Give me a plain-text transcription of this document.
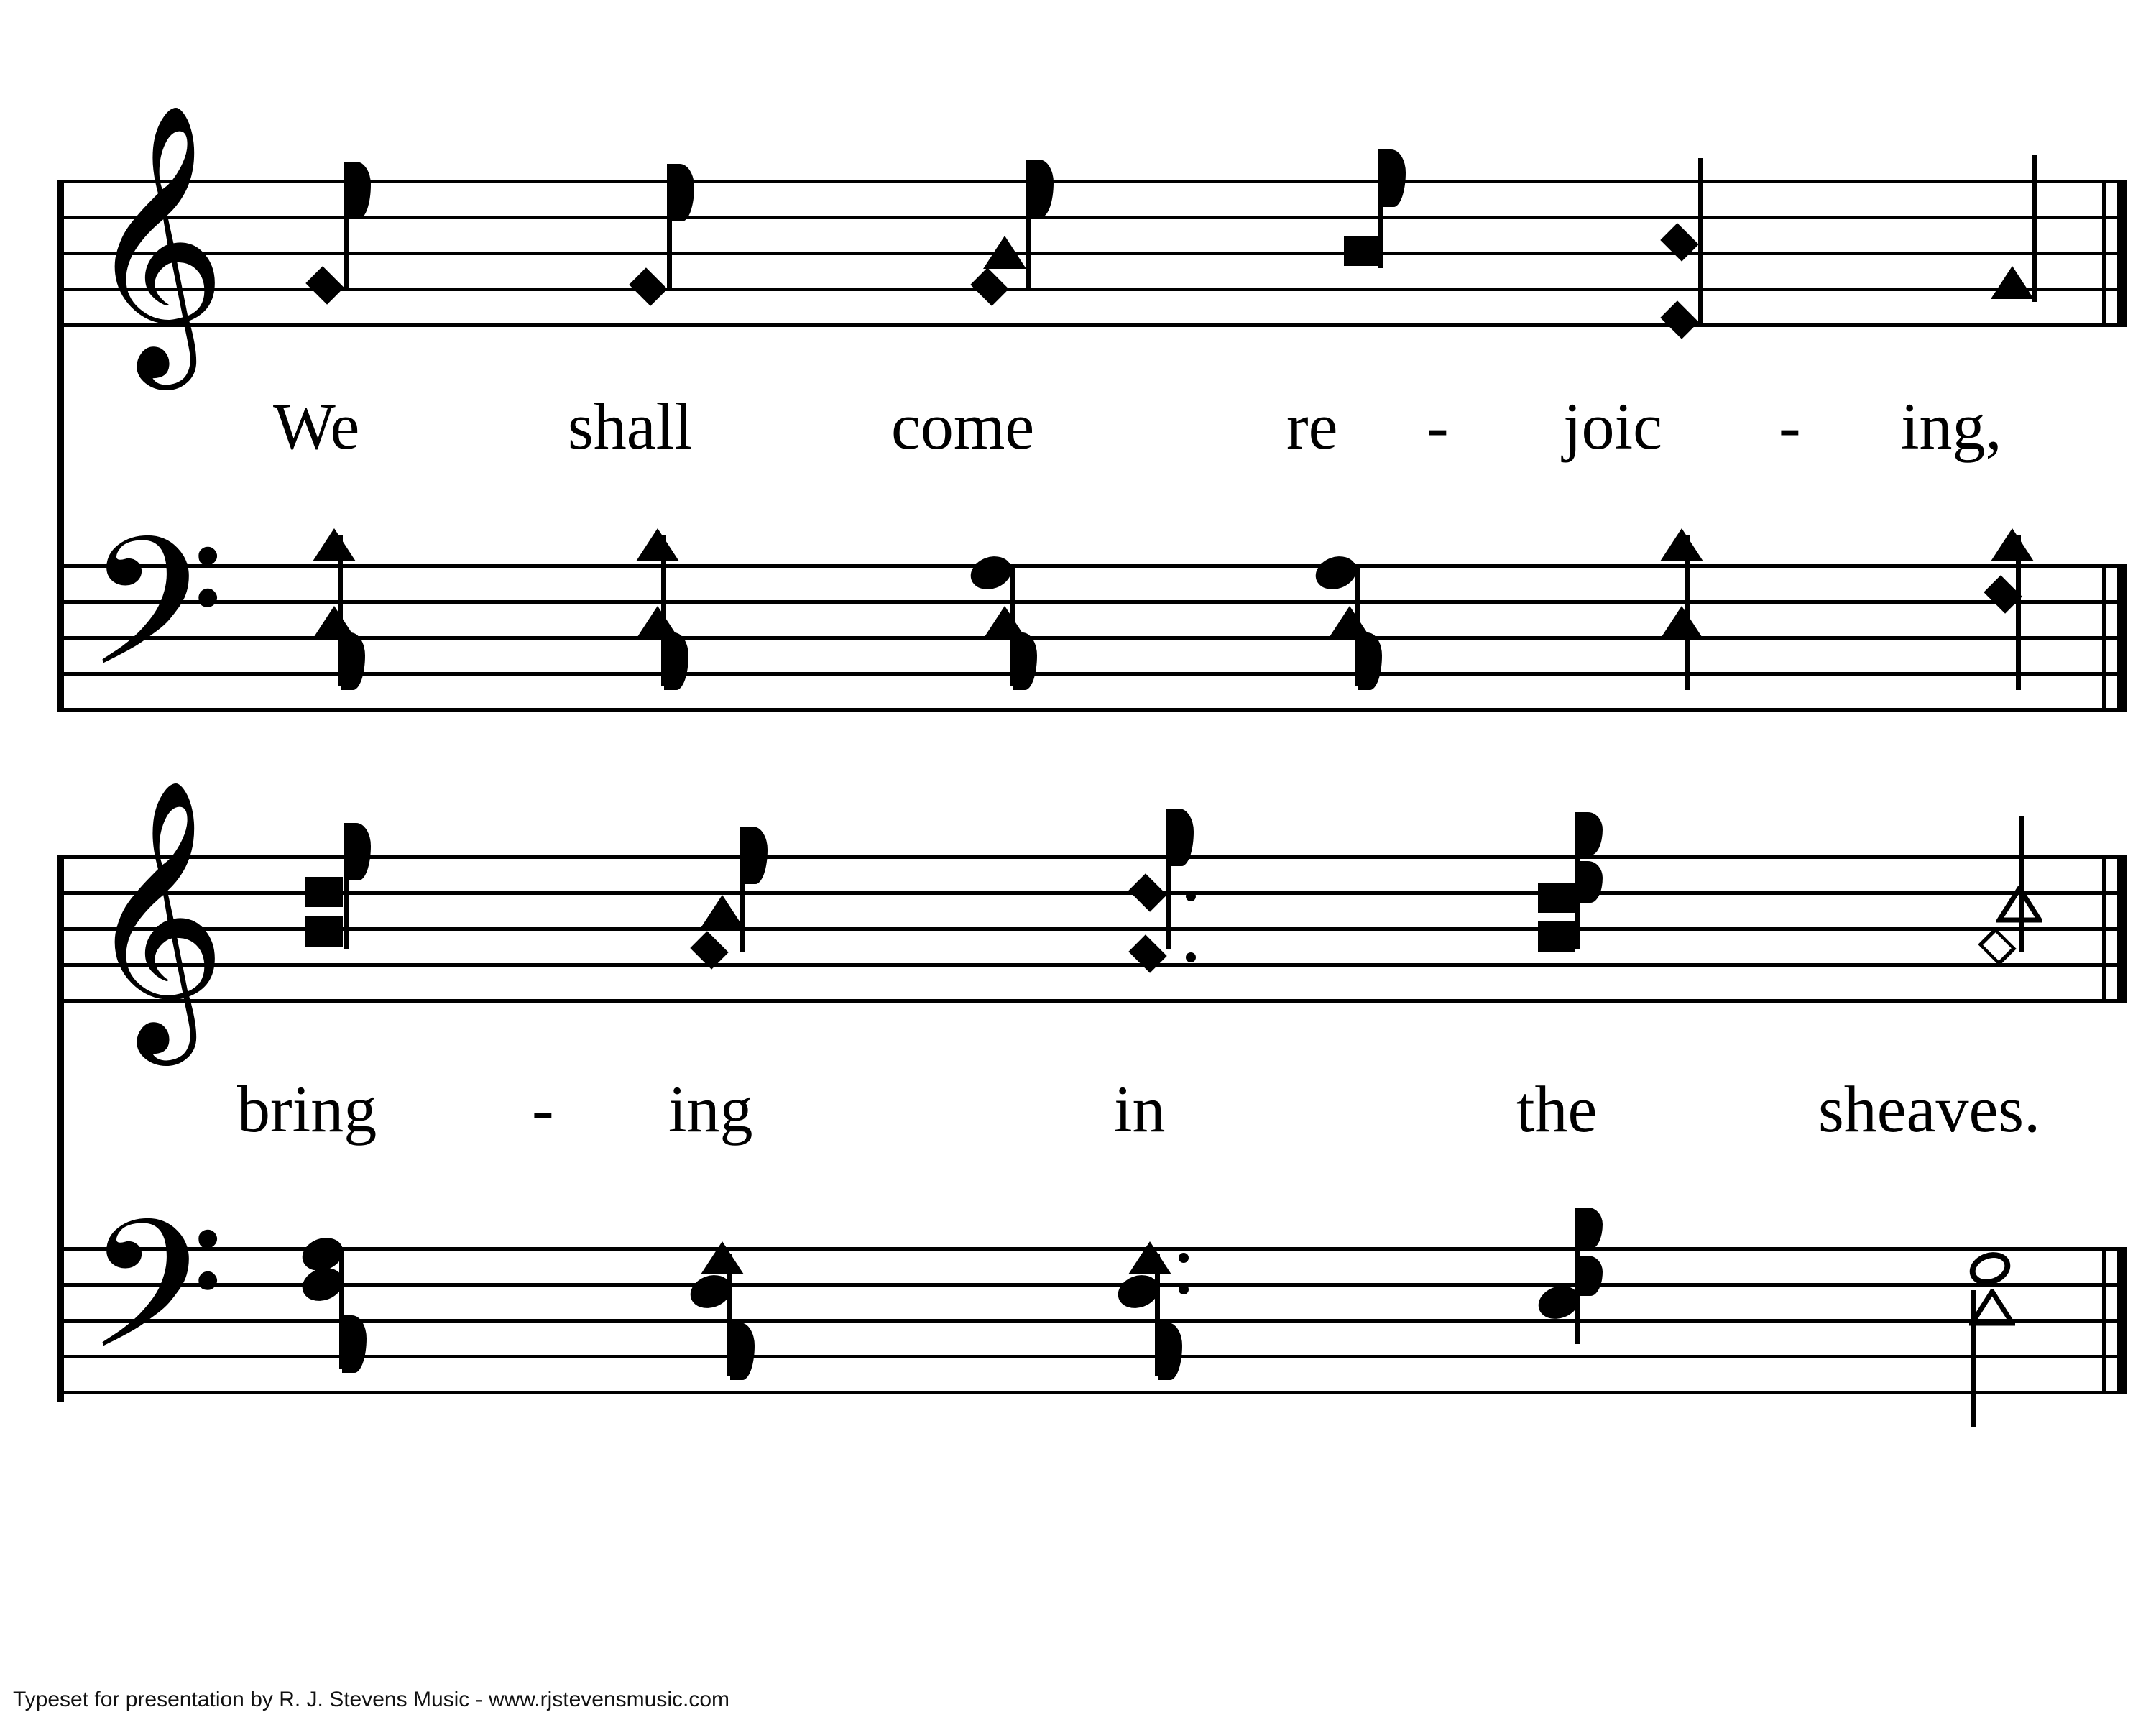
𝄞
We	shall	come	re - joic - ing,
𝄢
𝄞
bring - ing	in	the	sheaves.
𝄢
Typeset for presentation by R. J. Stevens Music - www.rjstevensmusic.com
